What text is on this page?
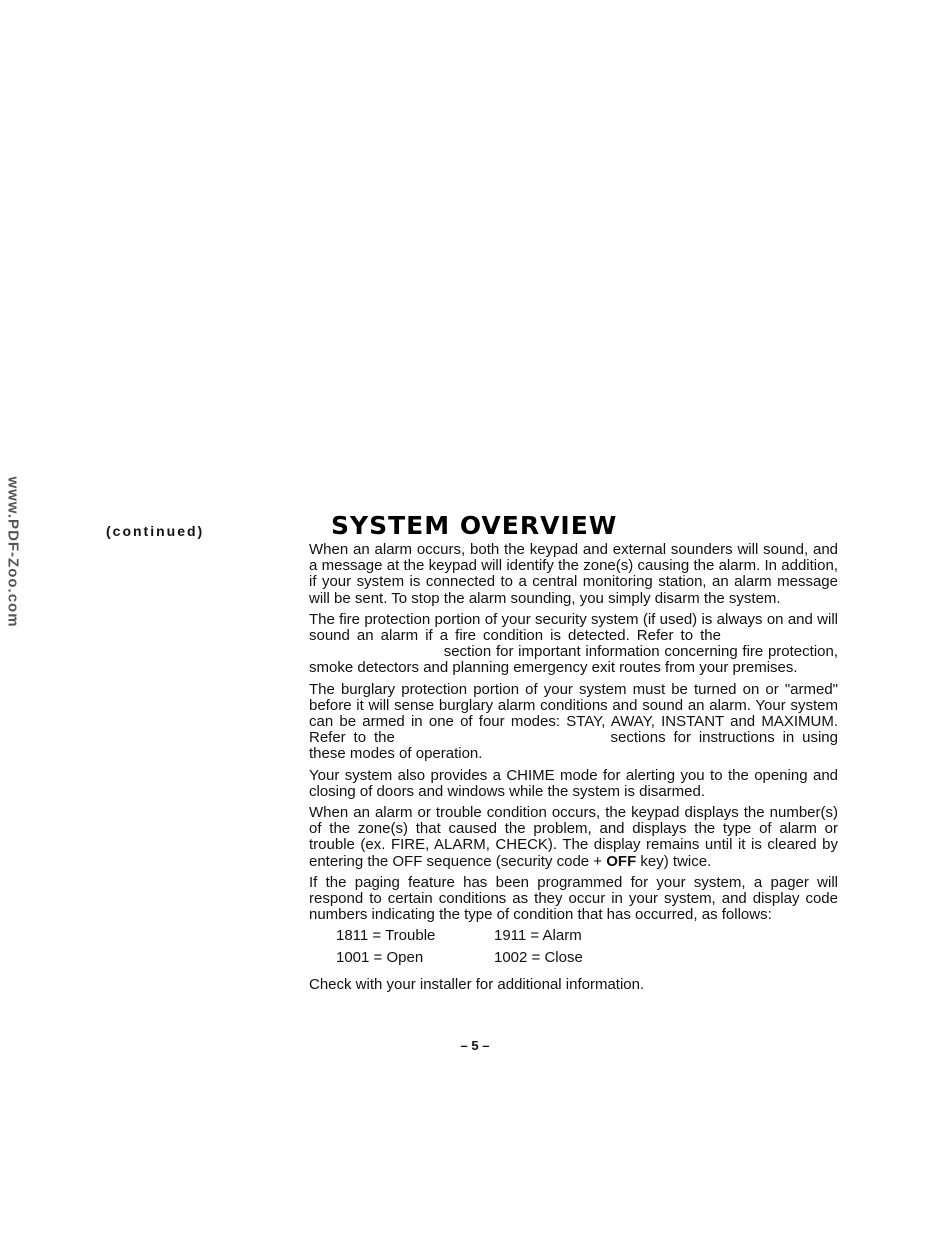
www.PDF-Zoo.com	(continued)	SYSTEM OVERVIEW

When an alarm occurs, both the keypad and external sounders will sound, and a message at the keypad will identify the zone(s) causing the alarm. In addition, if your system is connected to a central monitoring station, an alarm message will be sent. To stop the alarm sounding, you simply disarm the system.

The fire protection portion of your security system (if used) is always on and will sound an alarm if a fire condition is detected. Refer to the   section for important information concerning fire protection, smoke detectors and planning emergency exit routes from your premises.

The burglary protection portion of your system must be turned on or "armed" before it will sense burglary alarm conditions and sound an alarm. Your system can be armed in one of four modes: STAY, AWAY, INSTANT and MAXIMUM. Refer to the	sections for instructions in using these modes of operation.

Your system also provides a CHIME mode for alerting you to the opening and closing of doors and windows while the system is disarmed.

When an alarm or trouble condition occurs, the keypad displays the number(s) of the zone(s) that caused the problem, and displays the type of alarm or trouble (ex. FIRE, ALARM, CHECK). The display remains until it is cleared by entering the OFF sequence (security code + OFF key) twice.

If the paging feature has been programmed for your system, a pager will respond to certain conditions as they occur in your system, and display code numbers indicating the type of condition that has occurred, as follows:

1811 = Trouble	1911 = Alarm
1001 = Open	1002 = Close

Check with your installer for additional information.

– 5 –
